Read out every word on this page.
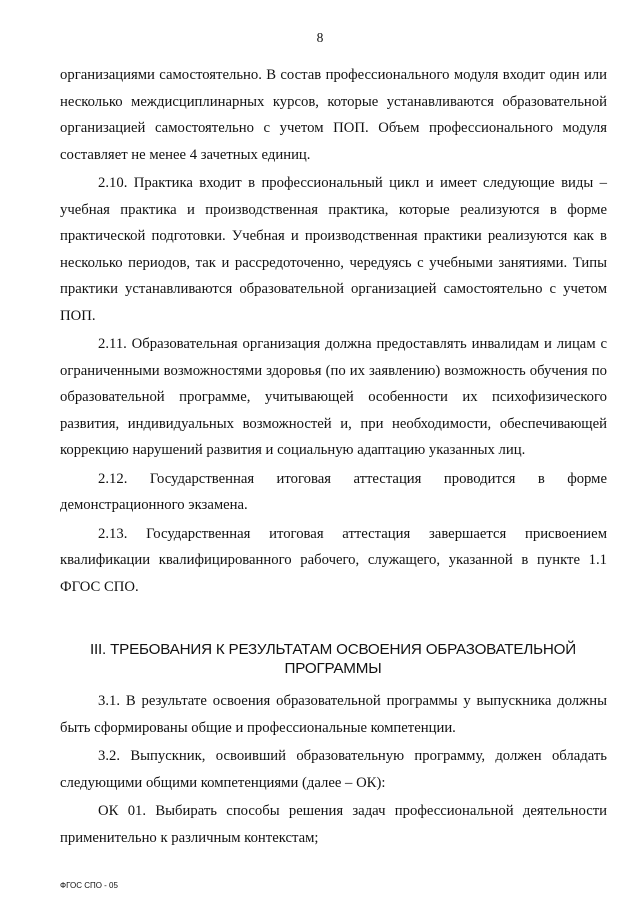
8

организациями самостоятельно. В состав профессионального модуля входит один или несколько междисциплинарных курсов, которые устанавливаются образовательной организацией самостоятельно с учетом ПОП. Объем профессионального модуля составляет не менее 4 зачетных единиц.

2.10. Практика входит в профессиональный цикл и имеет следующие виды – учебная практика и производственная практика, которые реализуются в форме практической подготовки. Учебная и производственная практики реализуются как в несколько периодов, так и рассредоточенно, чередуясь с учебными занятиями. Типы практики устанавливаются образовательной организацией самостоятельно с учетом ПОП.

2.11. Образовательная организация должна предоставлять инвалидам и лицам с ограниченными возможностями здоровья (по их заявлению) возможность обучения по образовательной программе, учитывающей особенности их психофизического развития, индивидуальных возможностей и, при необходимости, обеспечивающей коррекцию нарушений развития и социальную адаптацию указанных лиц.

2.12. Государственная итоговая аттестация проводится в форме демонстрационного экзамена.

2.13. Государственная итоговая аттестация завершается присвоением квалификации квалифицированного рабочего, служащего, указанной в пункте 1.1 ФГОС СПО.

III. ТРЕБОВАНИЯ К РЕЗУЛЬТАТАМ ОСВОЕНИЯ ОБРАЗОВАТЕЛЬНОЙ ПРОГРАММЫ

3.1. В результате освоения образовательной программы у выпускника должны быть сформированы общие и профессиональные компетенции.

3.2. Выпускник, освоивший образовательную программу, должен обладать следующими общими компетенциями (далее – ОК):

ОК 01. Выбирать способы решения задач профессиональной деятельности применительно к различным контекстам;

ФГОС СПО - 05
